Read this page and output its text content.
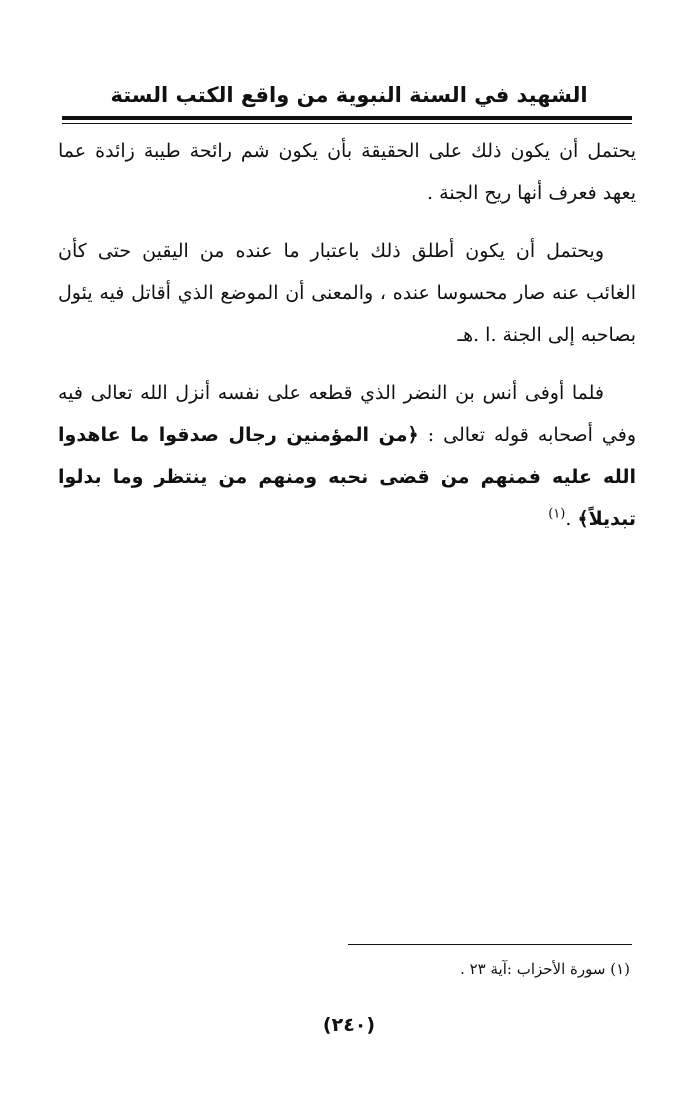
الشهيد في السنة النبوية من واقع الكتب الستة

يحتمل أن يكون ذلك على الحقيقة بأن يكون شم رائحة طيبة زائدة عما يعهد فعرف أنها ريح الجنة .

ويحتمل أن يكون أطلق ذلك باعتبار ما عنده من اليقين حتى كأن الغائب عنه صار محسوسا عنده ، والمعنى أن الموضع الذي أقاتل فيه يئول بصاحبه إلى الجنة .ا .هـ

فلما أوفى أنس بن النضر الذي قطعه على نفسه أنزل الله تعالى فيه وفي أصحابه قوله تعالى : ﴿من المؤمنين رجال صدقوا ما عاهدوا الله عليه فمنهم من قضى نحبه ومنهم من ينتظر وما بدلوا تبديلاً﴾ .$^{(١)}$

(١) سورة الأحزاب :آية ٢٣ .
(٢٤٠)
